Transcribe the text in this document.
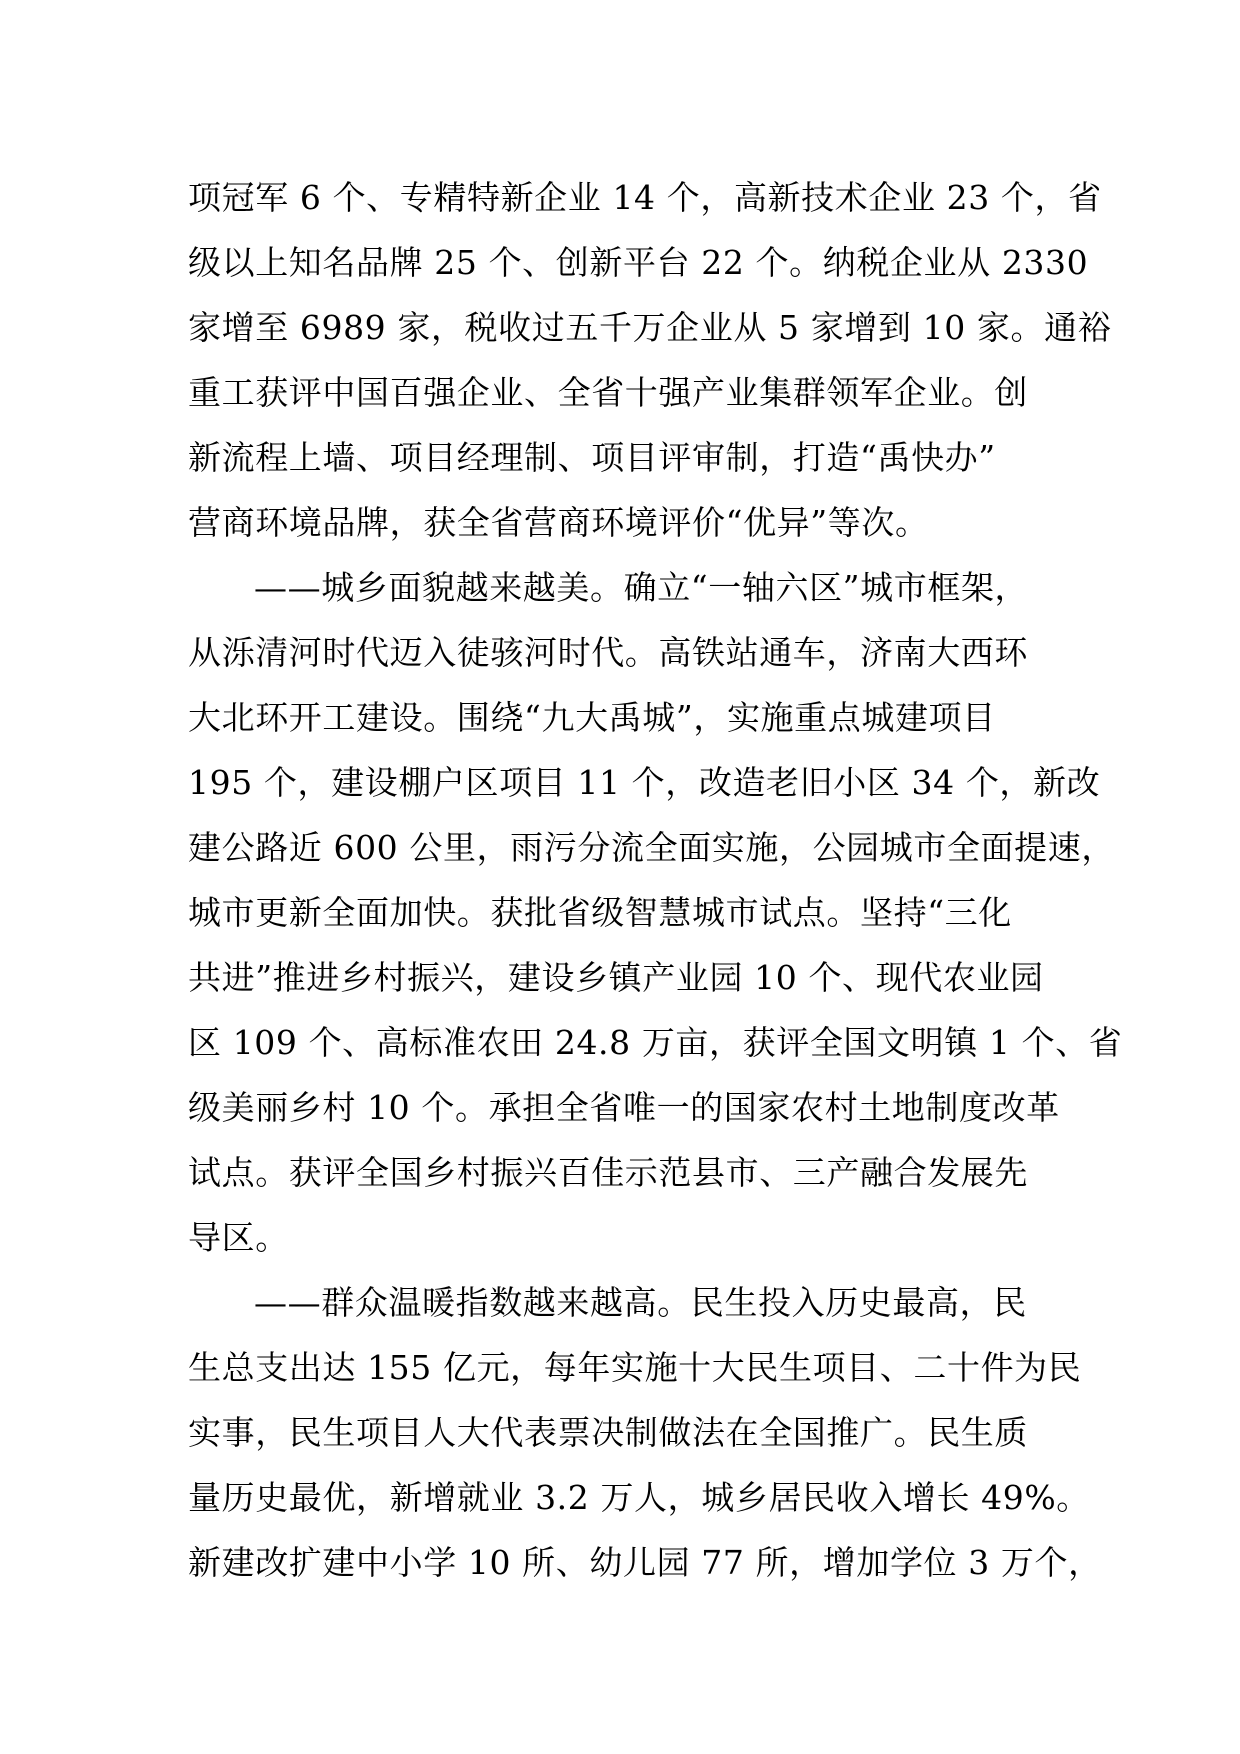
项冠军 6 个、专精特新企业 14 个，高新技术企业 23 个，省
级以上知名品牌 25 个、创新平台 22 个。纳税企业从 2330
家增至 6989 家，税收过五千万企业从 5 家增到 10 家。通裕
重工获评中国百强企业、全省十强产业集群领军企业。创
新流程上墙、项目经理制、项目评审制，打造“禹快办”
营商环境品牌，获全省营商环境评价“优异”等次。
——城乡面貌越来越美。确立“一轴六区”城市框架，
从泺清河时代迈入徒骇河时代。高铁站通车，济南大西环
大北环开工建设。围绕“九大禹城”，实施重点城建项目
195 个，建设棚户区项目 11 个，改造老旧小区 34 个，新改
建公路近 600 公里，雨污分流全面实施，公园城市全面提速，
城市更新全面加快。获批省级智慧城市试点。坚持“三化
共进”推进乡村振兴，建设乡镇产业园 10 个、现代农业园
区 109 个、高标准农田 24.8 万亩，获评全国文明镇 1 个、省
级美丽乡村 10 个。承担全省唯一的国家农村土地制度改革
试点。获评全国乡村振兴百佳示范县市、三产融合发展先
导区。
——群众温暖指数越来越高。民生投入历史最高，民
生总支出达 155 亿元，每年实施十大民生项目、二十件为民
实事，民生项目人大代表票决制做法在全国推广。民生质
量历史最优，新增就业 3.2 万人，城乡居民收入增长 49%。
新建改扩建中小学 10 所、幼儿园 77 所，增加学位 3 万个，
